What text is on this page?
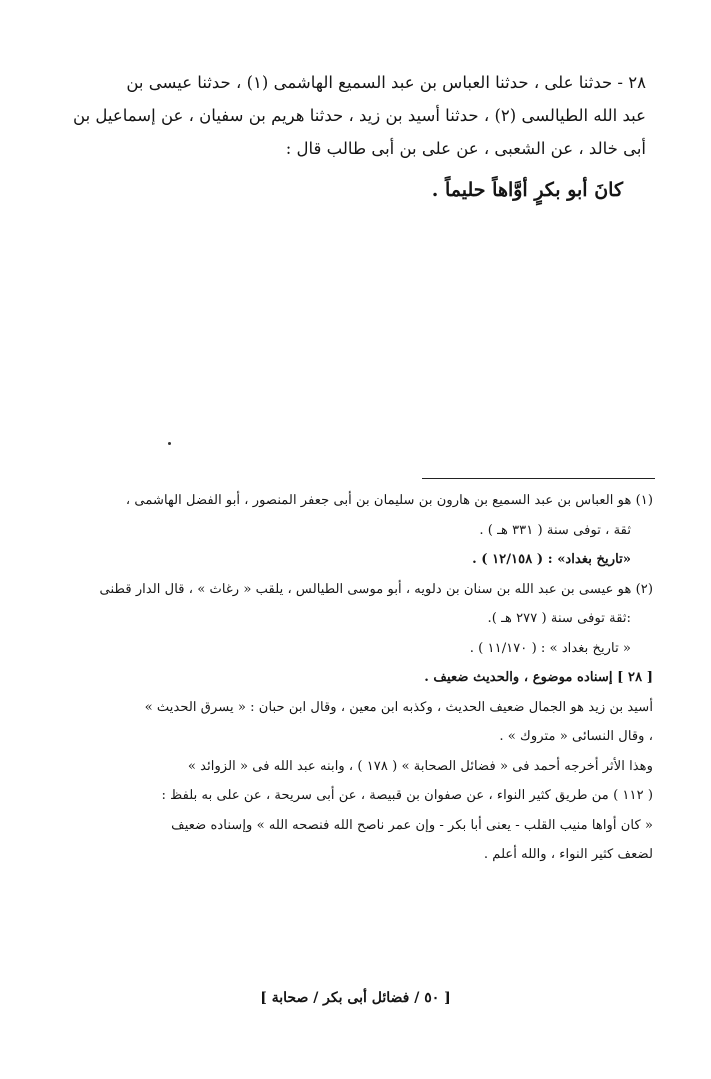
٢٨ - حدثنا على ، حدثنا العباس بن عبد السميع الهاشمى (١) ، حدثنا عيسى بن

عبد الله الطيالسى (٢) ، حدثنا أسيد بن زيد ، حدثنا هريم بن سفيان ، عن إسماعيل بن

أبى خالد ، عن الشعبى ، عن على بن أبى طالب قال :

كانَ أبو بكرٍ أوَّاهاً حليماً .

(١) هو العباس بن عبد السميع بن هارون بن سليمان بن أبى جعفر المنصور ، أبو الفضل الهاشمى ،

ثقة ، توفى سنة ( ٣٣١ هـ ) .

«تاريخ بغداد» : ( ١٢/١٥٨ ) .

(٢) هو عيسى بن عبد الله بن سنان بن دلويه ، أبو موسى الطيالس ، يلقب « رغاث » ، قال الدار قطنى

:ثقة توفى سنة ( ٢٧٧ هـ ).

« تاريخ بغداد » : ( ١١/١٧٠ ) .

[ ٢٨ ] إسناده موضوع ، والحديث ضعيف .

أسيد بن زيد هو الجمال ضعيف الحديث ، وكذبه ابن معين ، وقال ابن حبان : « يسرق الحديث »

، وقال النسائى « متروك » .

وهذا الأثر أخرجه أحمد فى « فضائل الصحابة » ( ١٧٨ ) ، وابنه عبد الله فى « الزوائد »

( ١١٢ ) من طريق كثير النواء ، عن صفوان بن قبيصة ، عن أبى سريحة ، عن على به بلفظ :

« كان أواها منيب القلب - يعنى أبا بكر - وإن عمر ناصح الله فنصحه الله » وإسناده ضعيف

لضعف كثير النواء ، والله أعلم .

[ ٥٠ / فضائل أبى بكر / صحابة ]
